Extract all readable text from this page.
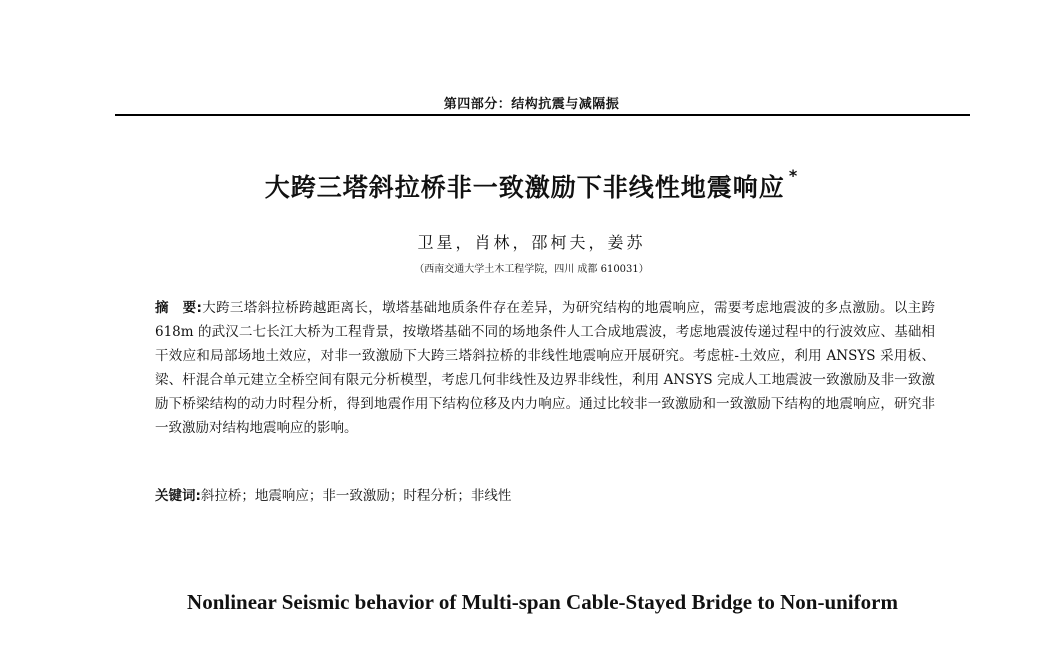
第四部分：结构抗震与减隔振
大跨三塔斜拉桥非一致激励下非线性地震响应 *
卫星，肖林，邵柯夫，姜苏
（西南交通大学土木工程学院，四川 成都 610031）
摘　要:大跨三塔斜拉桥跨越距离长，墩塔基础地质条件存在差异，为研究结构的地震响应，需要考虑地震波的多点激励。以主跨 618m 的武汉二七长江大桥为工程背景，按墩塔基础不同的场地条件人工合成地震波，考虑地震波传递过程中的行波效应、基础相干效应和局部场地土效应，对非一致激励下大跨三塔斜拉桥的非线性地震响应开展研究。考虑桩-土效应，利用 ANSYS 采用板、梁、杆混合单元建立全桥空间有限元分析模型，考虑几何非线性及边界非线性，利用 ANSYS 完成人工地震波一致激励及非一致激励下桥梁结构的动力时程分析，得到地震作用下结构位移及内力响应。通过比较非一致激励和一致激励下结构的地震响应，研究非一致激励对结构地震响应的影响。
关键词:斜拉桥；地震响应；非一致激励；时程分析；非线性
Nonlinear Seismic behavior of Multi-span Cable-Stayed Bridge to Non-uniform
